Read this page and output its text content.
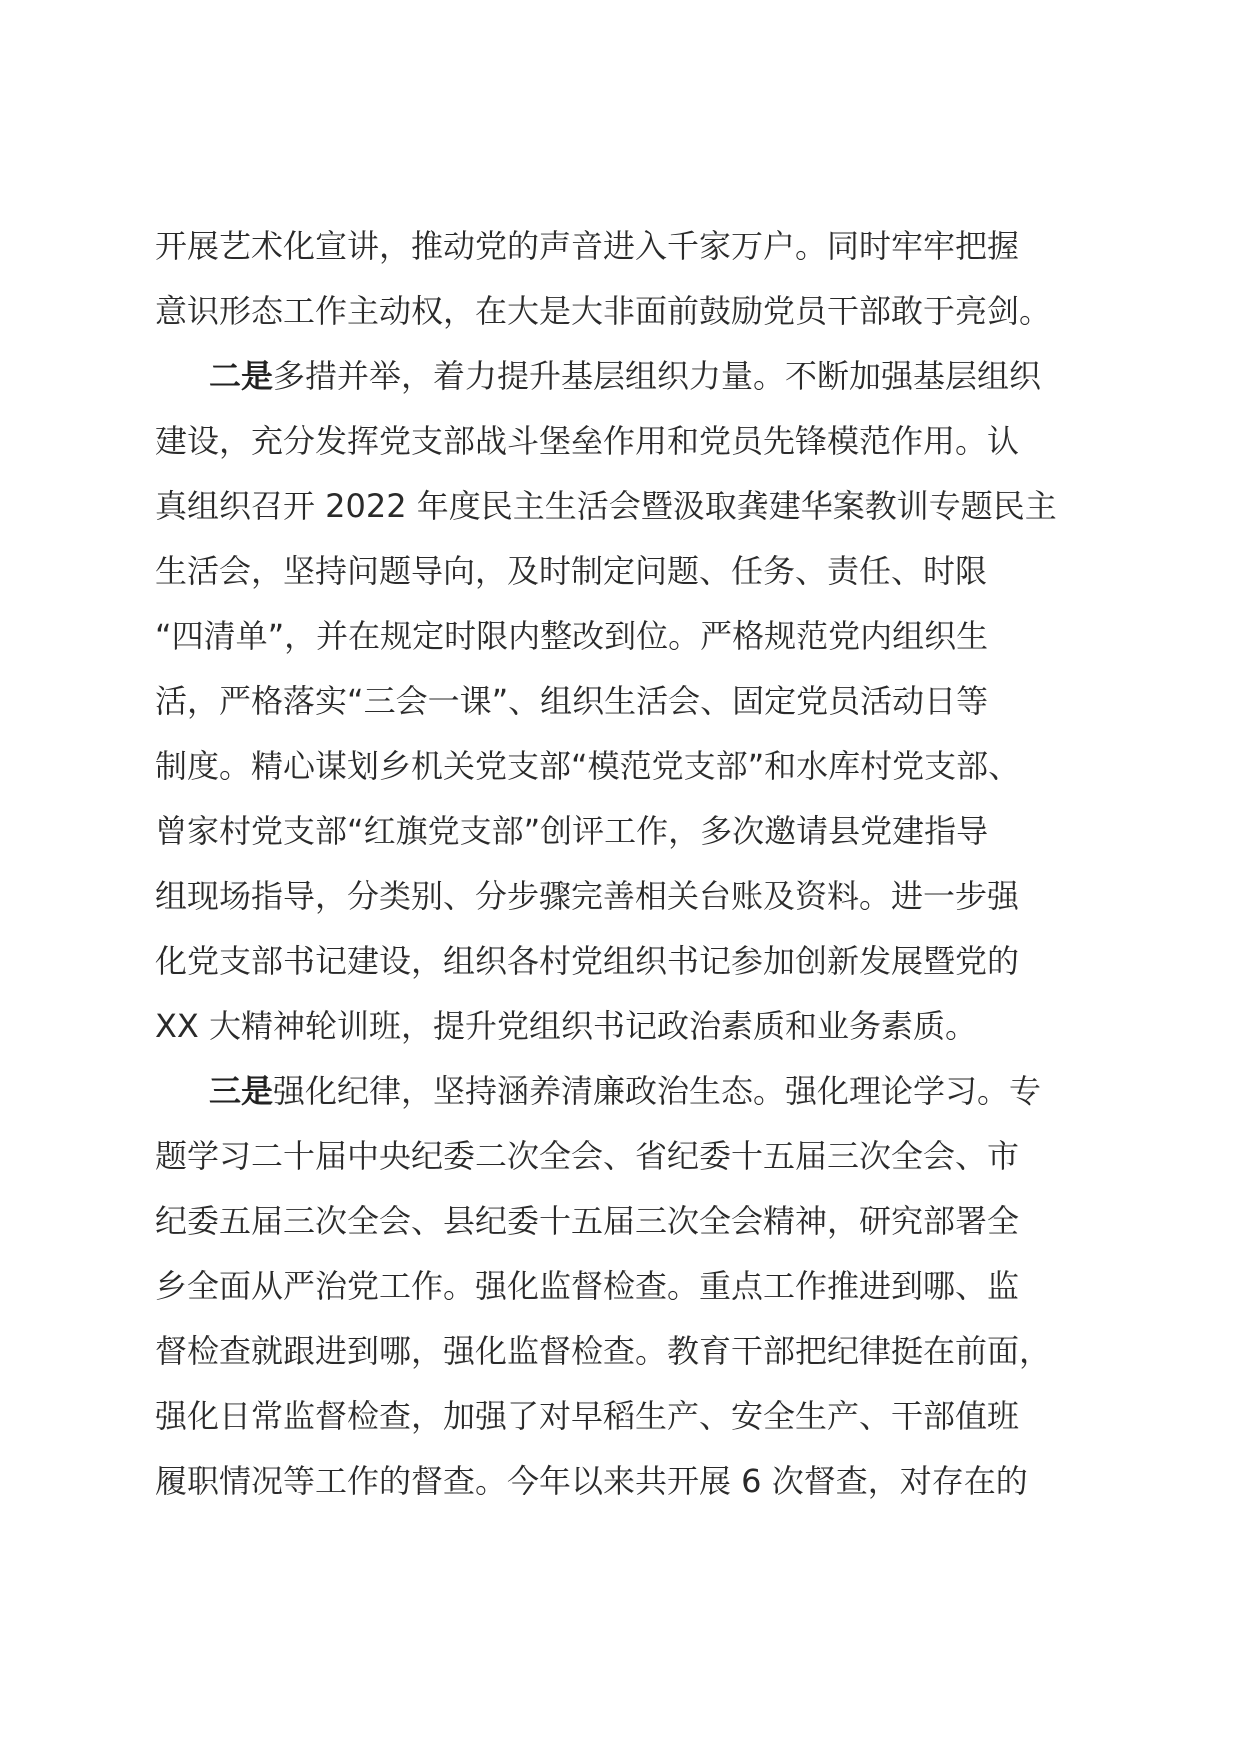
开展艺术化宣讲，推动党的声音进入千家万户。同时牢牢把握
意识形态工作主动权，在大是大非面前鼓励党员干部敢于亮剑。
二是多措并举，着力提升基层组织力量。不断加强基层组织
建设，充分发挥党支部战斗堡垒作用和党员先锋模范作用。认
真组织召开 2022 年度民主生活会暨汲取龚建华案教训专题民主
生活会，坚持问题导向，及时制定问题、任务、责任、时限
“四清单”，并在规定时限内整改到位。严格规范党内组织生
活，严格落实“三会一课”、组织生活会、固定党员活动日等
制度。精心谋划乡机关党支部“模范党支部”和水库村党支部、
曾家村党支部“红旗党支部”创评工作，多次邀请县党建指导
组现场指导，分类别、分步骤完善相关台账及资料。进一步强
化党支部书记建设，组织各村党组织书记参加创新发展暨党的
XX 大精神轮训班，提升党组织书记政治素质和业务素质。
三是强化纪律，坚持涵养清廉政治生态。强化理论学习。专
题学习二十届中央纪委二次全会、省纪委十五届三次全会、市
纪委五届三次全会、县纪委十五届三次全会精神，研究部署全
乡全面从严治党工作。强化监督检查。重点工作推进到哪、监
督检查就跟进到哪，强化监督检查。教育干部把纪律挺在前面，
强化日常监督检查，加强了对早稻生产、安全生产、干部值班
履职情况等工作的督查。今年以来共开展 6 次督查，对存在的
